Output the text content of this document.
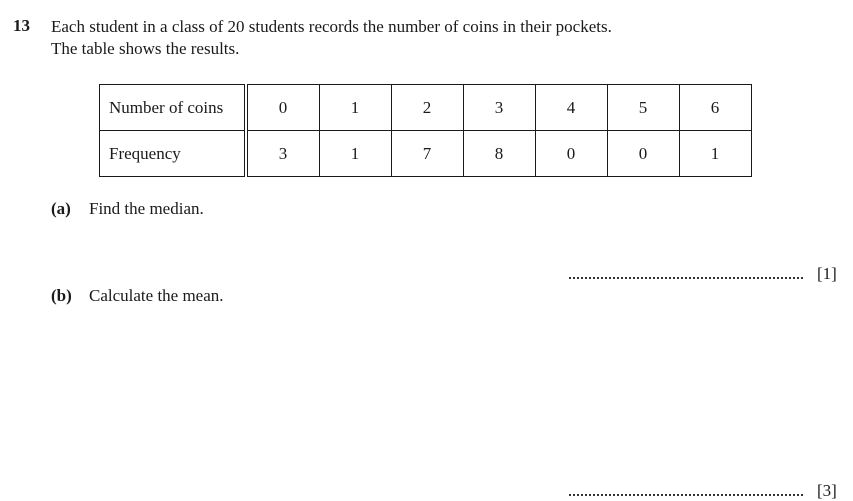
13 Each student in a class of 20 students records the number of coins in their pockets.
The table shows the results.
Number of coins	0	1	2	3	4	5	6
Frequency	3	1	7	8	0	0	1
(a) Find the median.
[1]
(b) Calculate the mean.
[3]
